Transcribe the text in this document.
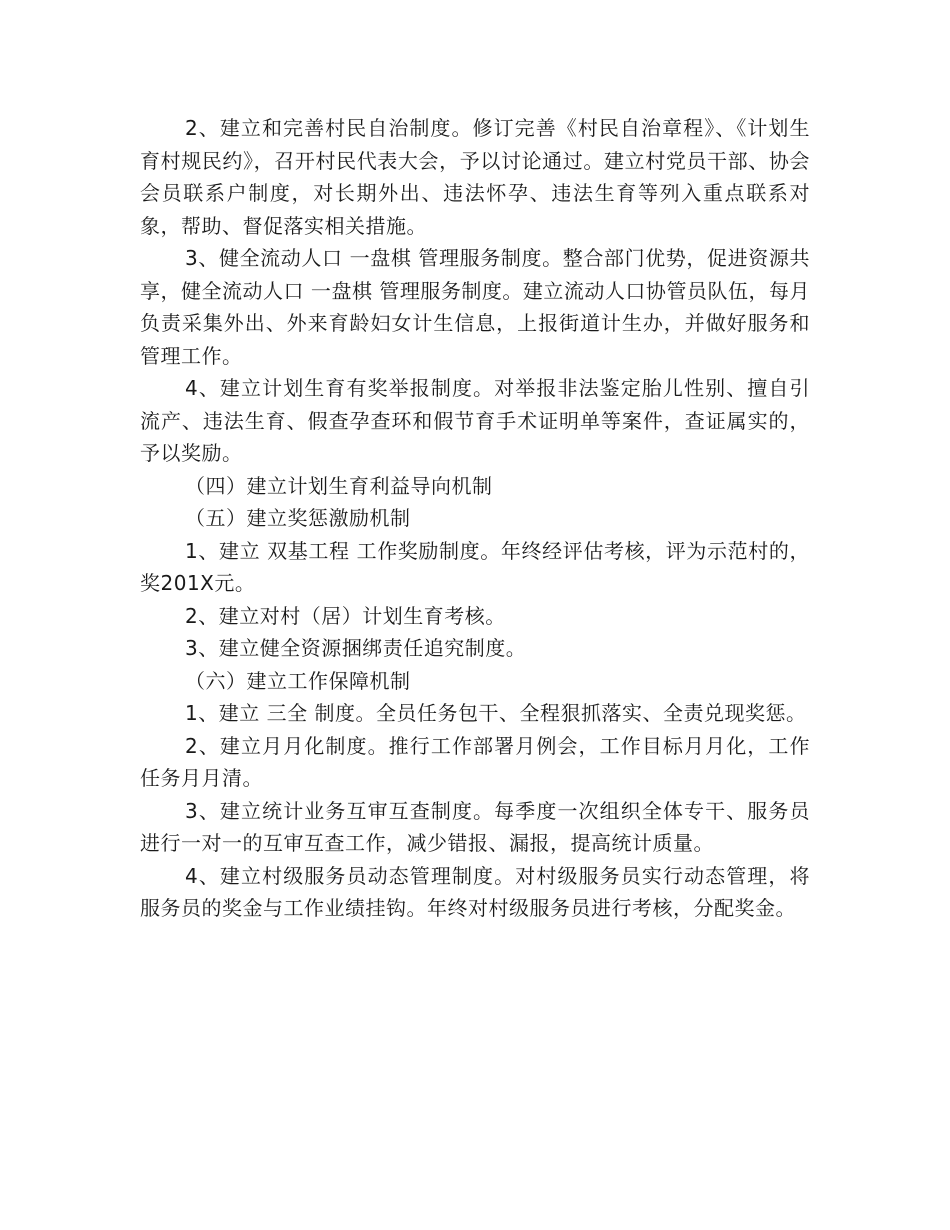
2、建立和完善村民自治制度。修订完善《村民自治章程》、《计划生育村规民约》，召开村民代表大会，予以讨论通过。建立村党员干部、协会会员联系户制度，对长期外出、违法怀孕、违法生育等列入重点联系对象，帮助、督促落实相关措施。

3、健全流动人口 一盘棋 管理服务制度。整合部门优势，促进资源共享，健全流动人口 一盘棋 管理服务制度。建立流动人口协管员队伍，每月负责采集外出、外来育龄妇女计生信息，上报街道计生办，并做好服务和管理工作。

4、建立计划生育有奖举报制度。对举报非法鉴定胎儿性别、擅自引流产、违法生育、假查孕查环和假节育手术证明单等案件，查证属实的，予以奖励。

（四）建立计划生育利益导向机制

（五）建立奖惩激励机制

1、建立 双基工程 工作奖励制度。年终经评估考核，评为示范村的，奖201X元。

2、建立对村（居）计划生育考核。

3、建立健全资源捆绑责任追究制度。

（六）建立工作保障机制

1、建立 三全 制度。全员任务包干、全程狠抓落实、全责兑现奖惩。

2、建立月月化制度。推行工作部署月例会，工作目标月月化，工作任务月月清。

3、建立统计业务互审互查制度。每季度一次组织全体专干、服务员进行一对一的互审互查工作，减少错报、漏报，提高统计质量。

4、建立村级服务员动态管理制度。对村级服务员实行动态管理，将服务员的奖金与工作业绩挂钩。年终对村级服务员进行考核，分配奖金。
